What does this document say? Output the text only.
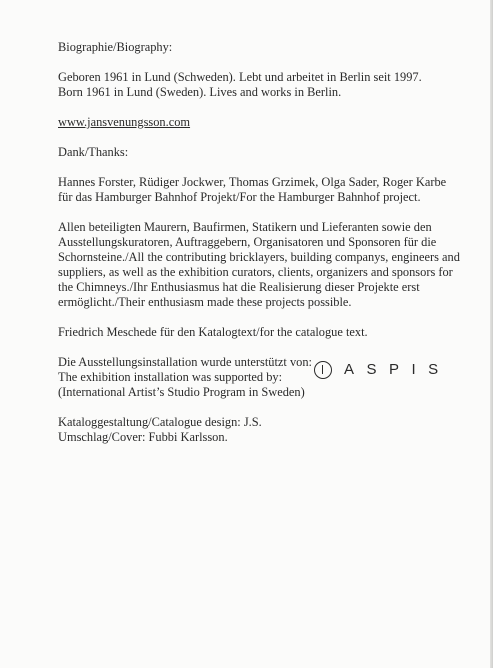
Biographie/Biography:

Geboren 1961 in Lund (Schweden). Lebt und arbeitet in Berlin seit 1997.
Born 1961 in Lund (Sweden). Lives and works in Berlin.

www.jansvenungsson.com

Dank/Thanks:

Hannes Forster, Rüdiger Jockwer, Thomas Grzimek, Olga Sader, Roger Karbe
für das Hamburger Bahnhof Projekt/For the Hamburger Bahnhof project.

Allen beteiligten Maurern, Baufirmen, Statikern und Lieferanten sowie den
Ausstellungskuratoren, Auftraggebern, Organisatoren und Sponsoren für die
Schornsteine./All the contributing bricklayers, building companys, engineers and
suppliers, as well as the exhibition curators, clients, organizers and sponsors for
the Chimneys./Ihr Enthusiasmus hat die Realisierung dieser Projekte erst
ermöglicht./Their enthusiasm made these projects possible.

Friedrich Meschede für den Katalogtext/for the catalogue text.

Die Ausstellungsinstallation wurde unterstützt von:
The exhibition installation was supported by:
(International Artist’s Studio Program in Sweden)
ASPIS

Kataloggestaltung/Catalogue design: J.S.
Umschlag/Cover: Fubbi Karlsson.
